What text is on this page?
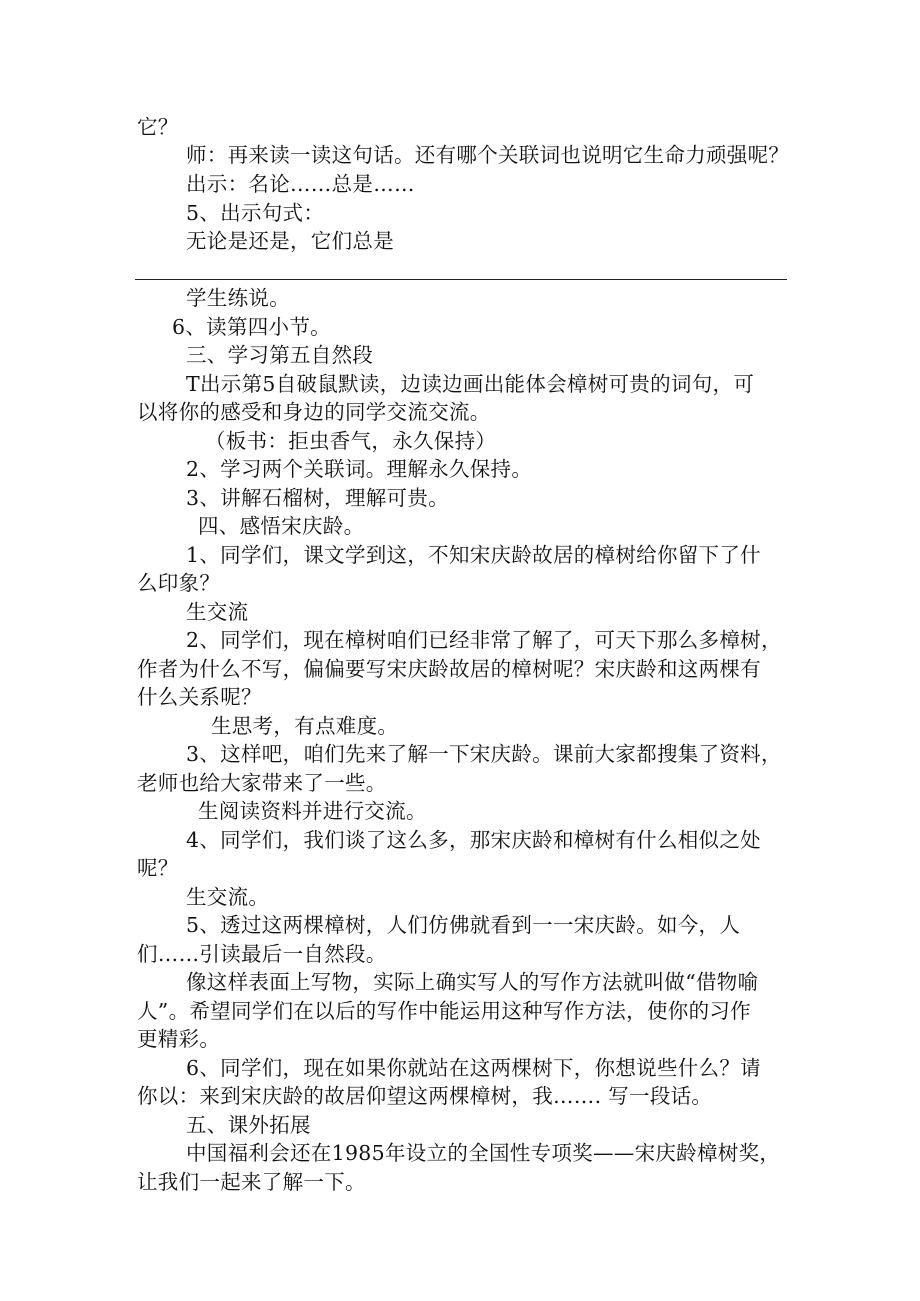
它？
师：再来读一读这句话。还有哪个关联词也说明它生命力顽强呢？
出示：名论……总是……
5、出示句式：
无论是还是，它们总是
学生练说。
6、读第四小节。
三、学习第五自然段
T出示第5自破鼠默读，边读边画出能体会樟树可贵的词句，可
以将你的感受和身边的同学交流交流。
（板书：拒虫香气，永久保持）
2、学习两个关联词。理解永久保持。
3、讲解石榴树，理解可贵。
四、感悟宋庆龄。
1、同学们，课文学到这，不知宋庆龄故居的樟树给你留下了什
么印象？
生交流
2、同学们，现在樟树咱们已经非常了解了，可天下那么多樟树，
作者为什么不写，偏偏要写宋庆龄故居的樟树呢？宋庆龄和这两棵有
什么关系呢？
生思考，有点难度。
3、这样吧，咱们先来了解一下宋庆龄。课前大家都搜集了资料，
老师也给大家带来了一些。
生阅读资料并进行交流。
4、同学们，我们谈了这么多，那宋庆龄和樟树有什么相似之处
呢？
生交流。
5、透过这两棵樟树，人们仿佛就看到一一宋庆龄。如今，人
们……引读最后一自然段。
像这样表面上写物，实际上确实写人的写作方法就叫做“借物喻
人”。希望同学们在以后的写作中能运用这种写作方法，使你的习作
更精彩。
6、同学们，现在如果你就站在这两棵树下，你想说些什么？请
你以：来到宋庆龄的故居仰望这两棵樟树，我……. 写一段话。
五、课外拓展
中国福利会还在1985年设立的全国性专项奖——宋庆龄樟树奖，
让我们一起来了解一下。
